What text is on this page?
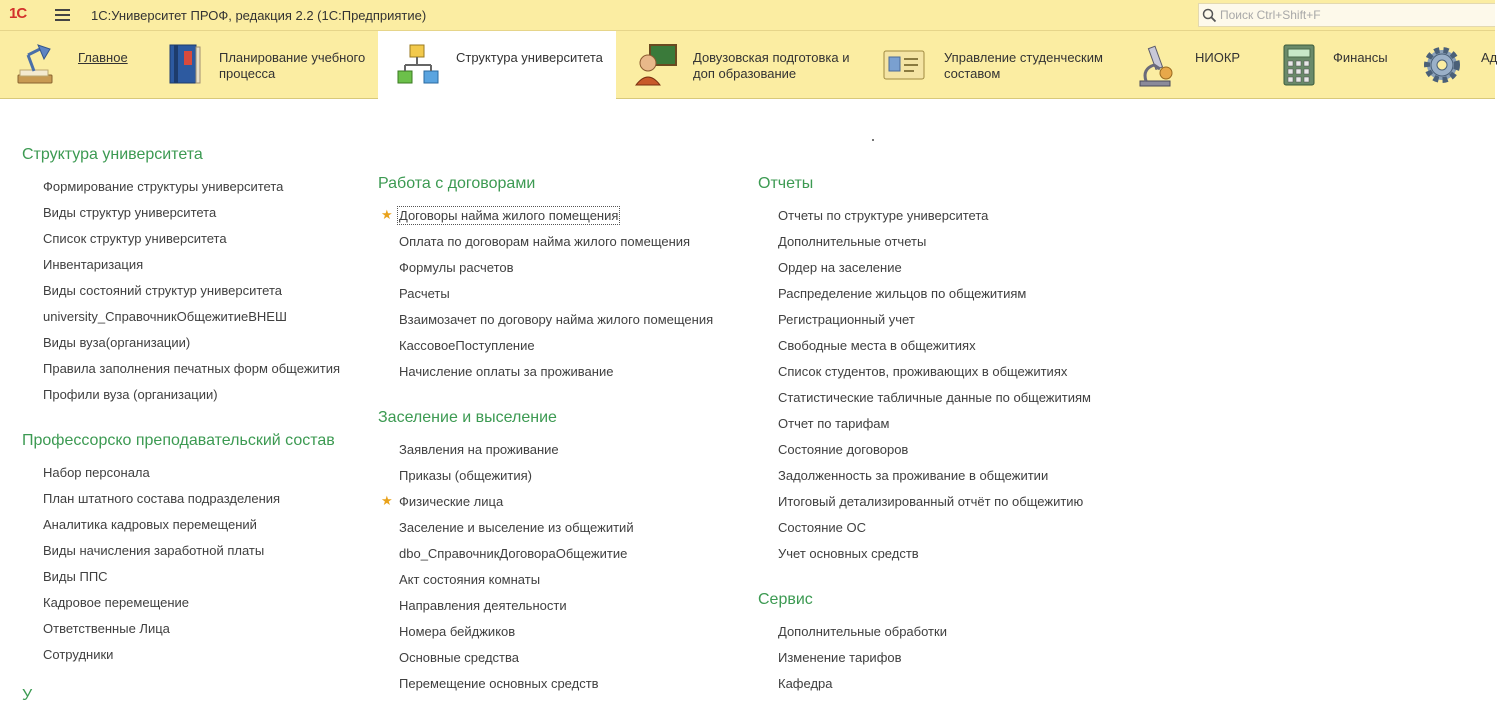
1С	1С:Университет ПРОФ, редакция 2.2 (1С:Предприятие)
Поиск Ctrl+Shift+F
Главное	Планирование учебного
процесса
Структура университета	Довузовская подготовка и
доп образование
Управление студенческим
составом
НИОКР	Финансы	Ад
Структура университета
Формирование структуры университета
Виды структур университета
Список структур университета
Инвентаризация
Виды состояний структур университета
university_СправочникОбщежитиеВНЕШ
Виды вуза(организации)
Правила заполнения печатных форм общежития
Профили вуза (организации)
Профессорско преподавательский состав
Набор персонала
План штатного состава подразделения
Аналитика кадровых перемещений
Виды начисления заработной платы
Виды ППС
Кадровое перемещение
Ответственные Лица
Сотрудники
У
Работа с договорами
★ Договоры найма жилого помещения
Оплата по договорам найма жилого помещения
Формулы расчетов
Расчеты
Взаимозачет по договору найма жилого помещения
КассовоеПоступление
Начисление оплаты за проживание
Заселение и выселение
Заявления на проживание
Приказы (общежития)
★ Физические лица
Заселение и выселение из общежитий
dbo_СправочникДоговораОбщежитие
Акт состояния комнаты
Направления деятельности
Номера бейджиков
Основные средства
Перемещение основных средств
Отчеты
Отчеты по структуре университета
Дополнительные отчеты
Ордер на заселение
Распределение жильцов по общежитиям
Регистрационный учет
Свободные места в общежитиях
Список студентов, проживающих в общежитиях
Статистические табличные данные по общежитиям
Отчет по тарифам
Состояние договоров
Задолженность за проживание в общежитии
Итоговый детализированный отчёт по общежитию
Состояние ОС
Учет основных средств
Сервис
Дополнительные обработки
Изменение тарифов
Кафедра
